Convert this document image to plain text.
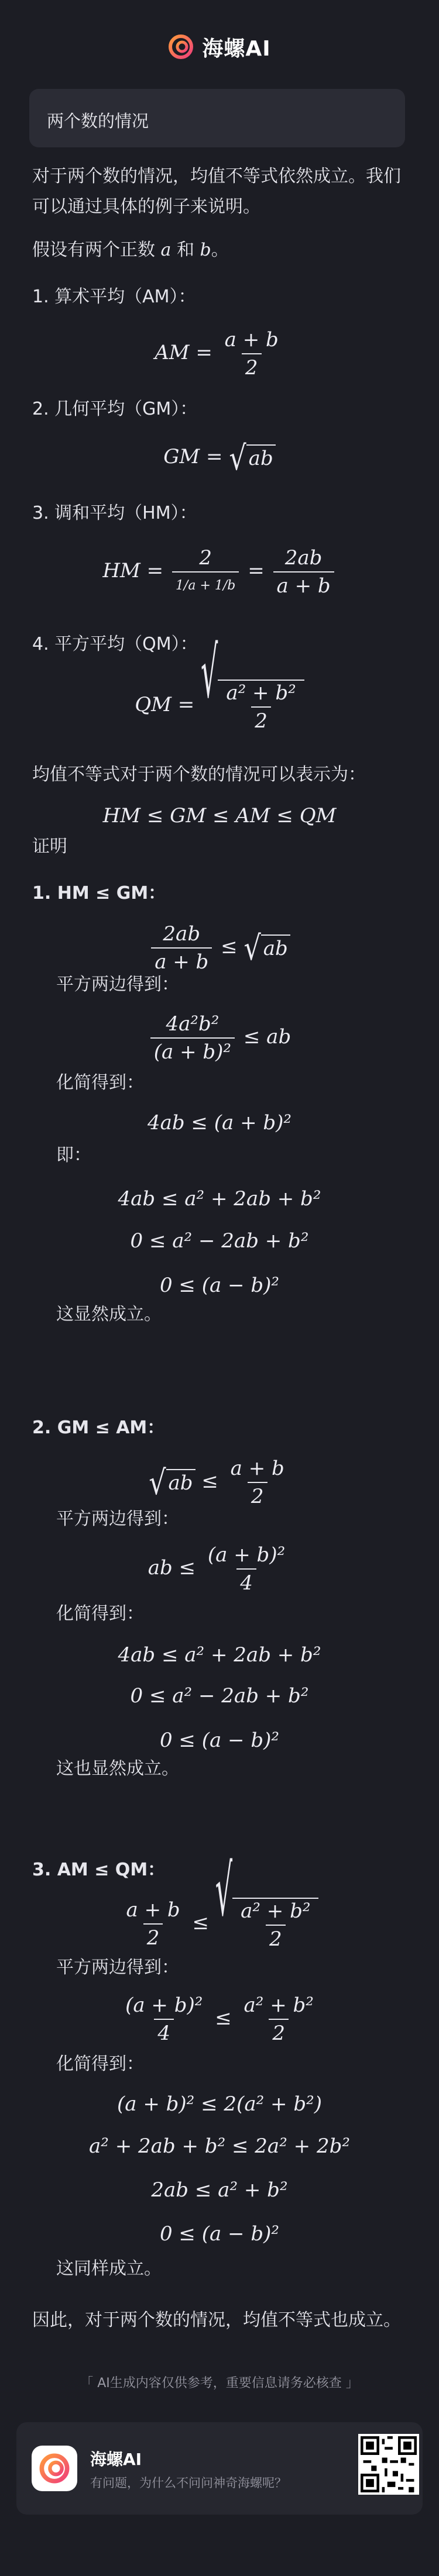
海螺AI
两个数的情况
对于两个数的情况，均值不等式依然成立。我们
可以通过具体的例子来说明。
假设有两个正数 a 和 b。
1. 算术平均（AM）：
AM = $\frac{a + b}{2}$
2. 几何平均（GM）：
GM = √ ab
3. 调和平均（HM）：
HM = $\frac{2}{1/a + 1/b} = \frac{2ab}{a + b}$
4. 平方平均（QM）：
QM = √ $\frac{\text{a² + b²}}{2}$
均值不等式对于两个数的情况可以表示为：
HM ≤ GM ≤ AM ≤ QM
证明
1. HM ≤ GM：
$\frac{2ab}{a + b}$ ≤ √ ab
平方两边得到：
$\frac{\text{4a²b²}}{\text{(a + b)²}}$ ≤ ab
化简得到：
4ab ≤ (a + b)²
即：
4ab ≤ a² + 2ab + b²
0 ≤ a² − 2ab + b²
0 ≤ (a − b)²
这显然成立。
2. GM ≤ AM：
√ ab ≤ $\frac{a + b}{2}$
平方两边得到：
ab ≤ $\frac{\text{(a + b)²}}{4}$
化简得到：
4ab ≤ a² + 2ab + b²
0 ≤ a² − 2ab + b²
0 ≤ (a − b)²
这也显然成立。
3. AM ≤ QM：
$\frac{a + b}{2}$ ≤ √ $\frac{\text{a² + b²}}{2}$
平方两边得到：
$\frac{\text{(a + b)²}}{4} \le \frac{\text{a² + b²}}{2}$
化简得到：
(a + b)² ≤ 2(a² + b²)
a² + 2ab + b² ≤ 2a² + 2b²
2ab ≤ a² + b²
0 ≤ (a − b)²
这同样成立。
因此，对于两个数的情况，均值不等式也成立。
「 AI生成内容仅供参考，重要信息请务必核查 」
海螺AI
有问题，为什么不问问神奇海螺呢？
